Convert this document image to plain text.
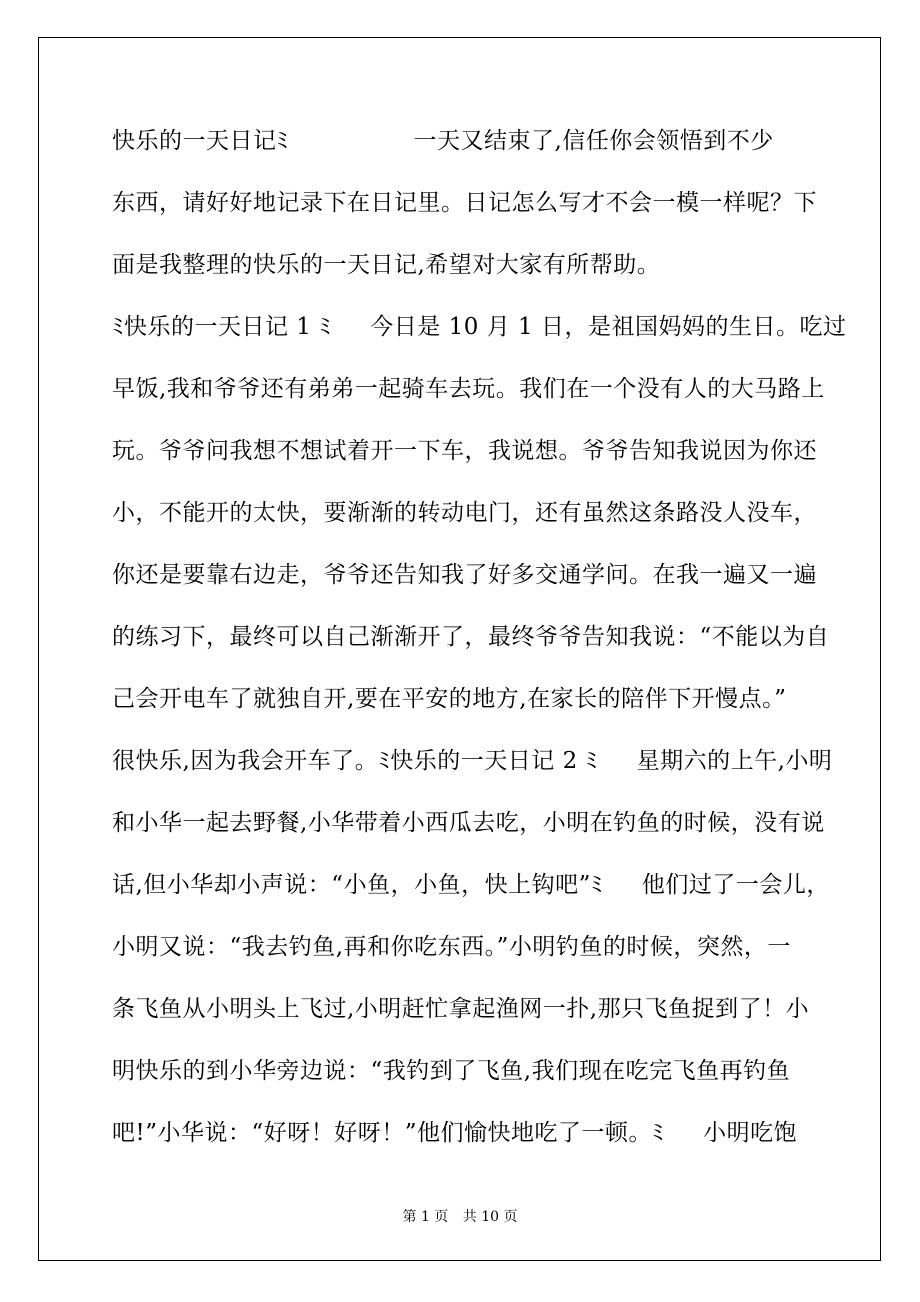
快乐的一天日记ﾐ                一天又结束了,信任你会领悟到不少
东西，请好好地记录下在日记里。日记怎么写才不会一模一样呢？下
面是我整理的快乐的一天日记,希望对大家有所帮助。
ﾐ快乐的一天日记 1 ﾐ     今日是 10 月 1 日，是祖国妈妈的生日。吃过
早饭,我和爷爷还有弟弟一起骑车去玩。我们在一个没有人的大马路上
玩。爷爷问我想不想试着开一下车，我说想。爷爷告知我说因为你还
小，不能开的太快，要渐渐的转动电门，还有虽然这条路没人没车，
你还是要靠右边走，爷爷还告知我了好多交通学问。在我一遍又一遍
的练习下，最终可以自己渐渐开了，最终爷爷告知我说：“不能以为自
己会开电车了就独自开,要在平安的地方,在家长的陪伴下开慢点。”
很快乐,因为我会开车了。ﾐ快乐的一天日记 2 ﾐ     星期六的上午,小明
和小华一起去野餐,小华带着小西瓜去吃，小明在钓鱼的时候，没有说
话,但小华却小声说：“小鱼，小鱼，快上钩吧”ﾐ     他们过了一会儿，
小明又说：“我去钓鱼,再和你吃东西。”小明钓鱼的时候，突然，一
条飞鱼从小明头上飞过,小明赶忙拿起渔网一扑,那只飞鱼捉到了！小
明快乐的到小华旁边说：“我钓到了飞鱼,我们现在吃完飞鱼再钓鱼
吧!”小华说：“好呀！好呀！”他们愉快地吃了一顿。ﾐ     小明吃饱
第 1 页 共 10 页
